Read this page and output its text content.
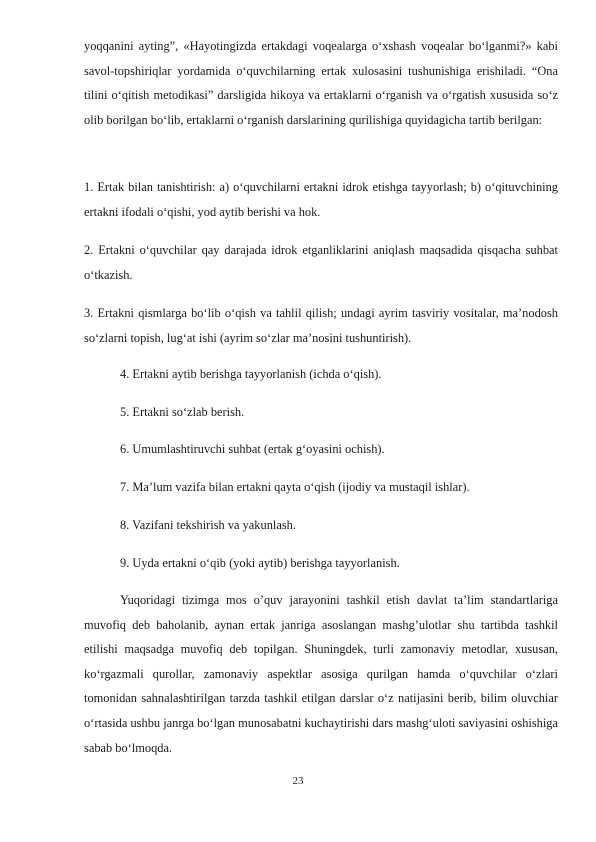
yoqqanini ayting”, «Hayotingizda ertakdagi voqealarga o‘xshash voqealar bo‘lganmi?» kabi savol-topshiriqlar yordamida o‘quvchilarning ertak xulosasini tushunishiga erishiladi. “Ona tilini o‘qitish metodikasi” darsligida hikoya va ertaklarni o‘rganish va o‘rgatish xususida so‘z olib borilgan bo‘lib, ertaklarni o‘rganish darslarining qurilishiga quyidagicha tartib berilgan:

1. Ertak bilan tanishtirish: a) o‘quvchilarni ertakni idrok etishga tayyorlash; b) o‘qituvchining ertakni ifodali o‘qishi, yod aytib berishi va hok.

2. Ertakni o‘quvchilar qay darajada idrok etganliklarini aniqlash maqsadida qisqacha suhbat o‘tkazish.

3. Ertakni qismlarga bo‘lib o‘qish va tahlil qilish; undagi ayrim tasviriy vositalar, ma’nodosh so‘zlarni topish, lug‘at ishi (ayrim so‘zlar ma’nosini tushuntirish).

4. Ertakni aytib berishga tayyorlanish (ichda o‘qish).

5. Ertakni so‘zlab berish.

6. Umumlashtiruvchi suhbat (ertak g‘oyasini ochish).

7. Ma’lum vazifa bilan ertakni qayta o‘qish (ijodiy va mustaqil ishlar).

8. Vazifani tekshirish va yakunlash.

9. Uyda ertakni o‘qib (yoki aytib) berishga tayyorlanish.

Yuqoridagi tizimga mos o’quv jarayonini tashkil etish davlat ta’lim standartlariga muvofiq deb baholanib, aynan ertak janriga asoslangan mashg’ulotlar shu tartibda tashkil etilishi maqsadga muvofiq deb topilgan. Shuningdek, turli zamonaviy metodlar, xususan, ko‘rgazmali qurollar, zamonaviy aspektlar asosiga qurilgan hamda o‘quvchilar o‘zlari tomonidan sahnalashtirilgan tarzda tashkil etilgan darslar o‘z natijasini berib, bilim oluvchiar o‘rtasida ushbu janrga bo‘lgan munosabatni kuchaytirishi dars mashg‘uloti saviyasini oshishiga sabab bo‘lmoqda.

23
